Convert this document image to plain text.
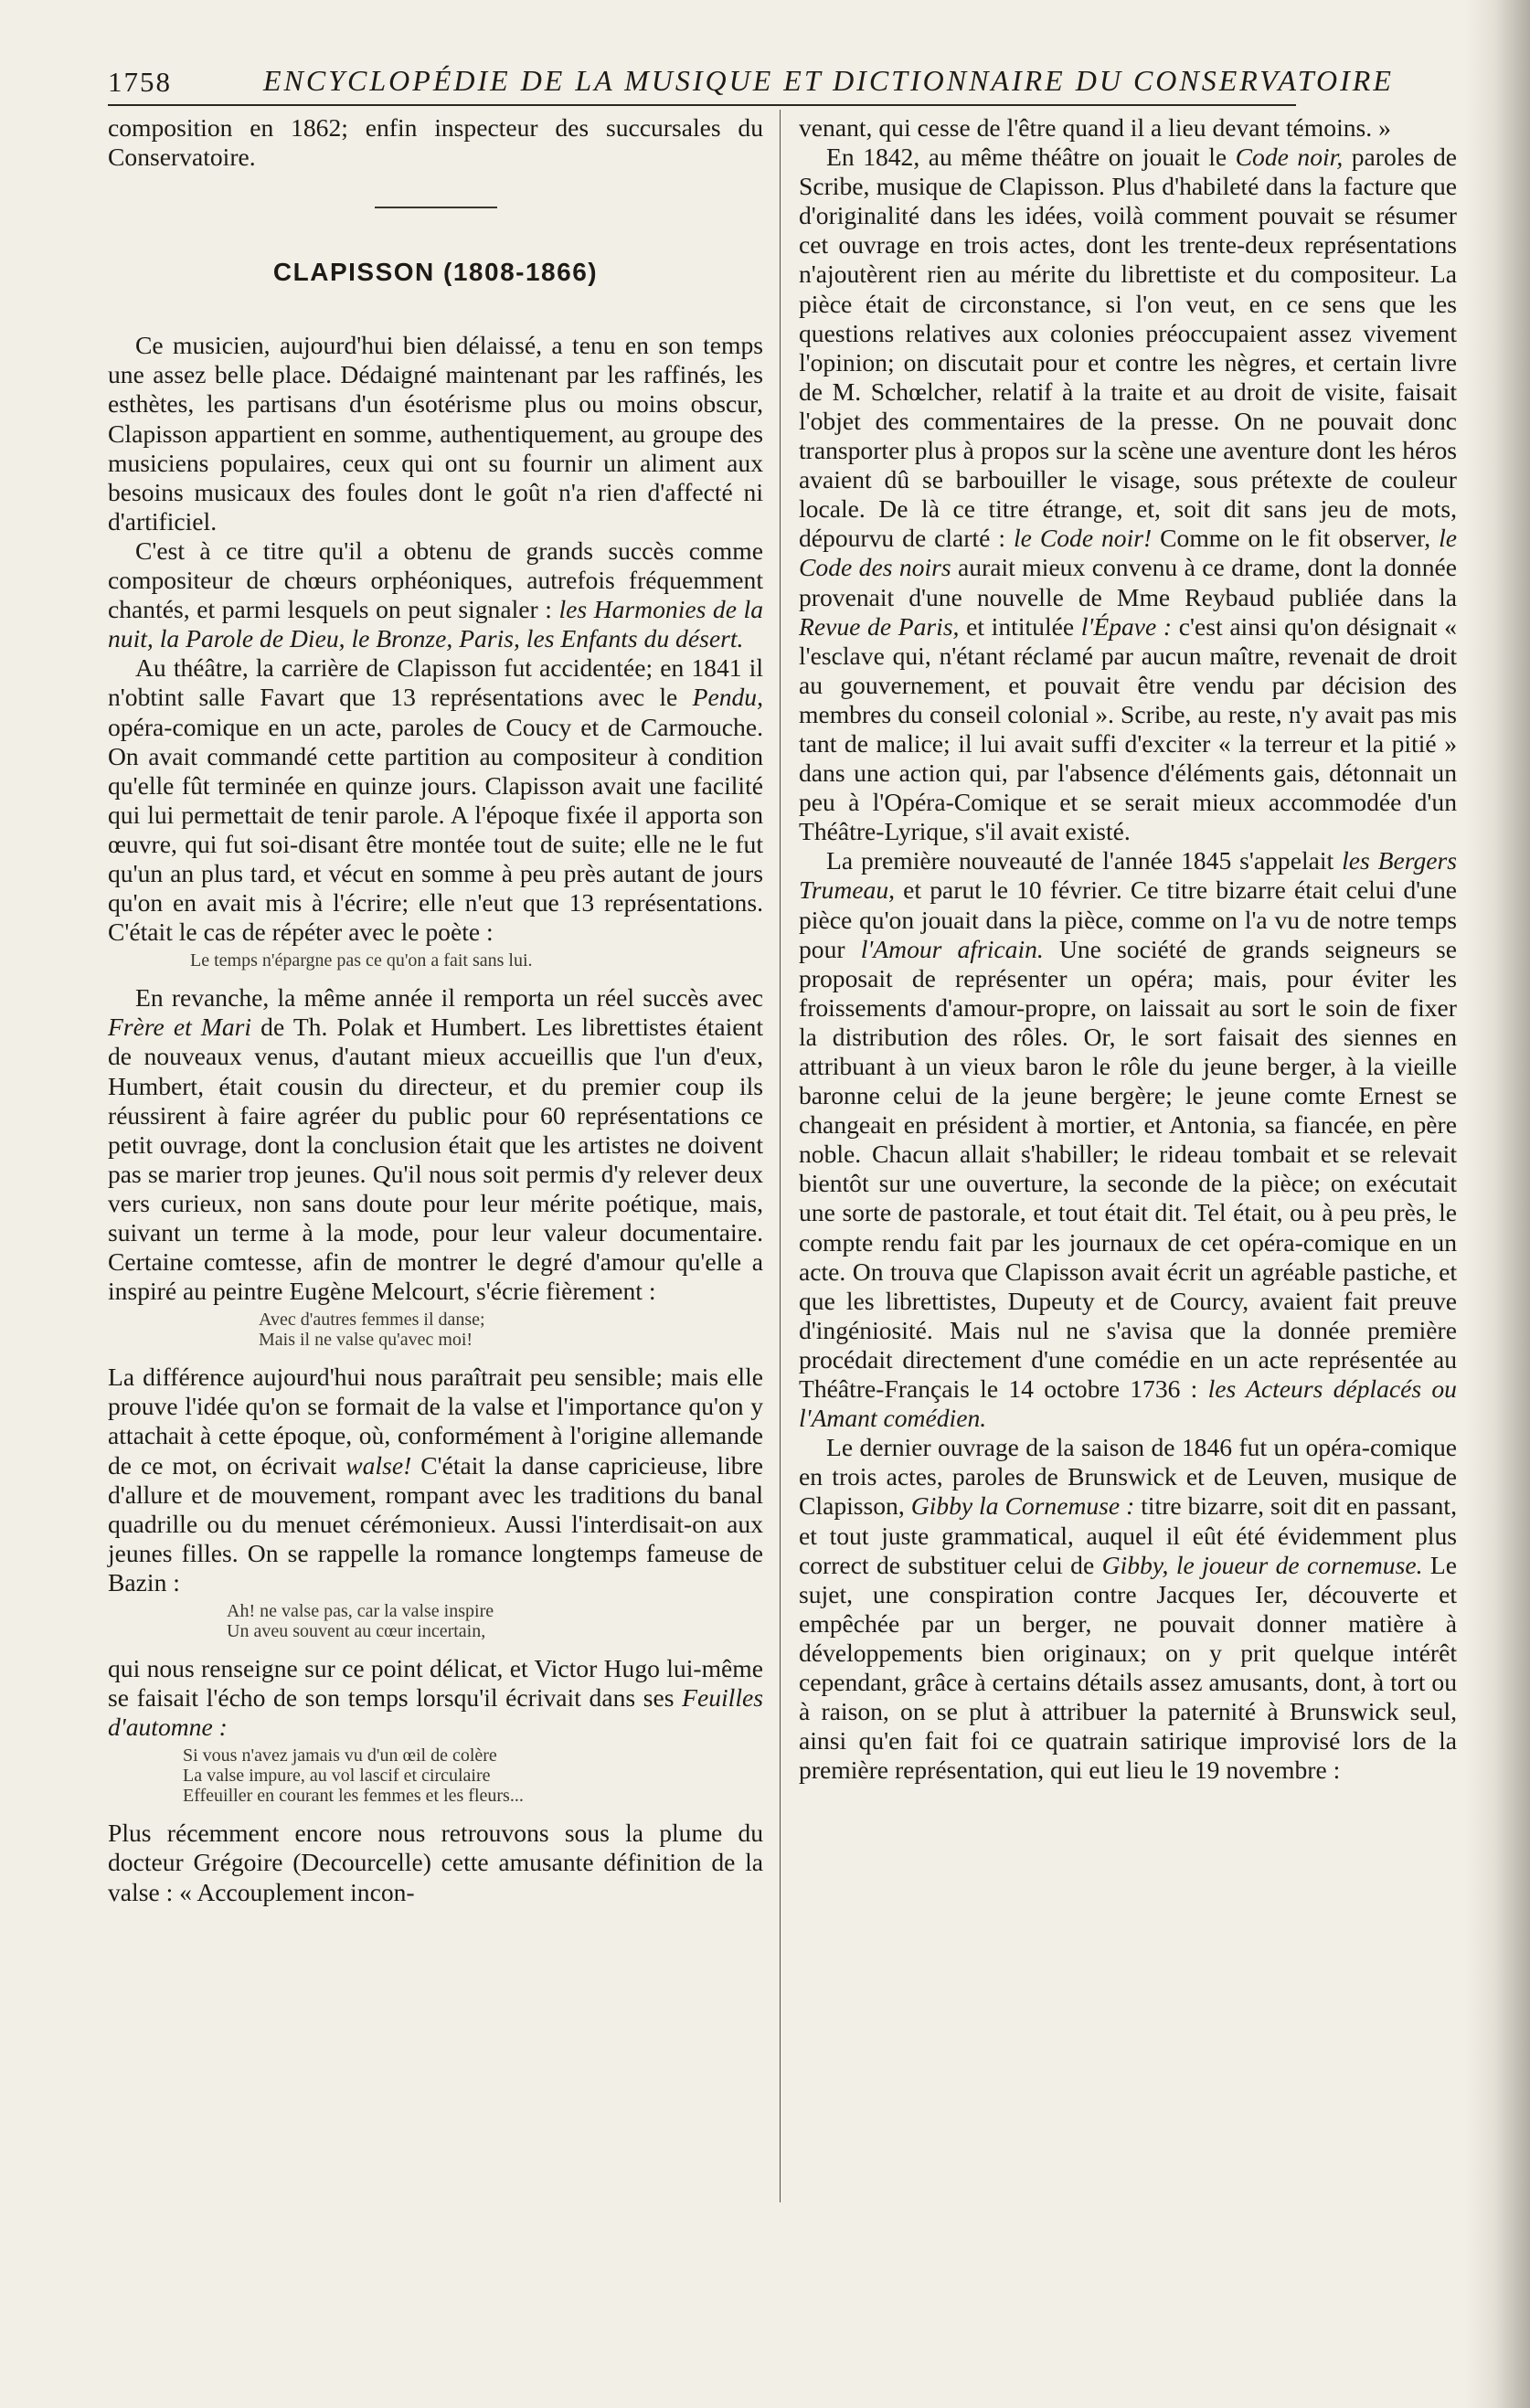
1758	ENCYCLOPÉDIE DE LA MUSIQUE ET DICTIONNAIRE DU CONSERVATOIRE

composition en 1862; enfin inspecteur des succursales du Conservatoire.

CLAPISSON (1808-1866)

Ce musicien, aujourd'hui bien délaissé, a tenu en son temps une assez belle place. Dédaigné maintenant par les raffinés, les esthètes, les partisans d'un ésotérisme plus ou moins obscur, Clapisson appartient en somme, authentiquement, au groupe des musiciens populaires, ceux qui ont su fournir un aliment aux besoins musicaux des foules dont le goût n'a rien d'affecté ni d'artificiel.

C'est à ce titre qu'il a obtenu de grands succès comme compositeur de chœurs orphéoniques, autrefois fréquemment chantés, et parmi lesquels on peut signaler : les Harmonies de la nuit, la Parole de Dieu, le Bronze, Paris, les Enfants du désert.

Au théâtre, la carrière de Clapisson fut accidentée; en 1841 il n'obtint salle Favart que 13 représentations avec le Pendu, opéra-comique en un acte, paroles de Coucy et de Carmouche. On avait commandé cette partition au compositeur à condition qu'elle fût terminée en quinze jours. Clapisson avait une facilité qui lui permettait de tenir parole. A l'époque fixée il apporta son œuvre, qui fut soi-disant être montée tout de suite; elle ne le fut qu'un an plus tard, et vécut en somme à peu près autant de jours qu'on en avait mis à l'écrire; elle n'eut que 13 représentations. C'était le cas de répéter avec le poète :

Le temps n'épargne pas ce qu'on a fait sans lui.

En revanche, la même année il remporta un réel succès avec Frère et Mari de Th. Polak et Humbert. Les librettistes étaient de nouveaux venus, d'autant mieux accueillis que l'un d'eux, Humbert, était cousin du directeur, et du premier coup ils réussirent à faire agréer du public pour 60 représentations ce petit ouvrage, dont la conclusion était que les artistes ne doivent pas se marier trop jeunes. Qu'il nous soit permis d'y relever deux vers curieux, non sans doute pour leur mérite poétique, mais, suivant un terme à la mode, pour leur valeur documentaire. Certaine comtesse, afin de montrer le degré d'amour qu'elle a inspiré au peintre Eugène Melcourt, s'écrie fièrement :

Avec d'autres femmes il danse;
Mais il ne valse qu'avec moi!

La différence aujourd'hui nous paraîtrait peu sensible; mais elle prouve l'idée qu'on se formait de la valse et l'importance qu'on y attachait à cette époque, où, conformément à l'origine allemande de ce mot, on écrivait walse! C'était la danse capricieuse, libre d'allure et de mouvement, rompant avec les traditions du banal quadrille ou du menuet cérémonieux. Aussi l'interdisait-on aux jeunes filles. On se rappelle la romance longtemps fameuse de Bazin :

Ah! ne valse pas, car la valse inspire
Un aveu souvent au cœur incertain,

qui nous renseigne sur ce point délicat, et Victor Hugo lui-même se faisait l'écho de son temps lorsqu'il écrivait dans ses Feuilles d'automne :

Si vous n'avez jamais vu d'un œil de colère
La valse impure, au vol lascif et circulaire
Effeuiller en courant les femmes et les fleurs...

Plus récemment encore nous retrouvons sous la plume du docteur Grégoire (Decourcelle) cette amusante définition de la valse : « Accouplement incon-

venant, qui cesse de l'être quand il a lieu devant témoins. »

En 1842, au même théâtre on jouait le Code noir, paroles de Scribe, musique de Clapisson. Plus d'habileté dans la facture que d'originalité dans les idées, voilà comment pouvait se résumer cet ouvrage en trois actes, dont les trente-deux représentations n'ajoutèrent rien au mérite du librettiste et du compositeur. La pièce était de circonstance, si l'on veut, en ce sens que les questions relatives aux colonies préoccupaient assez vivement l'opinion; on discutait pour et contre les nègres, et certain livre de M. Schœlcher, relatif à la traite et au droit de visite, faisait l'objet des commentaires de la presse. On ne pouvait donc transporter plus à propos sur la scène une aventure dont les héros avaient dû se barbouiller le visage, sous prétexte de couleur locale. De là ce titre étrange, et, soit dit sans jeu de mots, dépourvu de clarté : le Code noir! Comme on le fit observer, le Code des noirs aurait mieux convenu à ce drame, dont la donnée provenait d'une nouvelle de Mme Reybaud publiée dans la Revue de Paris, et intitulée l'Épave : c'est ainsi qu'on désignait « l'esclave qui, n'étant réclamé par aucun maître, revenait de droit au gouvernement, et pouvait être vendu par décision des membres du conseil colonial ». Scribe, au reste, n'y avait pas mis tant de malice; il lui avait suffi d'exciter « la terreur et la pitié » dans une action qui, par l'absence d'éléments gais, détonnait un peu à l'Opéra-Comique et se serait mieux accommodée d'un Théâtre-Lyrique, s'il avait existé.

La première nouveauté de l'année 1845 s'appelait les Bergers Trumeau, et parut le 10 février. Ce titre bizarre était celui d'une pièce qu'on jouait dans la pièce, comme on l'a vu de notre temps pour l'Amour africain. Une société de grands seigneurs se proposait de représenter un opéra; mais, pour éviter les froissements d'amour-propre, on laissait au sort le soin de fixer la distribution des rôles. Or, le sort faisait des siennes en attribuant à un vieux baron le rôle du jeune berger, à la vieille baronne celui de la jeune bergère; le jeune comte Ernest se changeait en président à mortier, et Antonia, sa fiancée, en père noble. Chacun allait s'habiller; le rideau tombait et se relevait bientôt sur une ouverture, la seconde de la pièce; on exécutait une sorte de pastorale, et tout était dit. Tel était, ou à peu près, le compte rendu fait par les journaux de cet opéra-comique en un acte. On trouva que Clapisson avait écrit un agréable pastiche, et que les librettistes, Dupeuty et de Courcy, avaient fait preuve d'ingéniosité. Mais nul ne s'avisa que la donnée première procédait directement d'une comédie en un acte représentée au Théâtre-Français le 14 octobre 1736 : les Acteurs déplacés ou l'Amant comédien.

Le dernier ouvrage de la saison de 1846 fut un opéra-comique en trois actes, paroles de Brunswick et de Leuven, musique de Clapisson, Gibby la Cornemuse : titre bizarre, soit dit en passant, et tout juste grammatical, auquel il eût été évidemment plus correct de substituer celui de Gibby, le joueur de cornemuse. Le sujet, une conspiration contre Jacques Ier, découverte et empêchée par un berger, ne pouvait donner matière à développements bien originaux; on y prit quelque intérêt cependant, grâce à certains détails assez amusants, dont, à tort ou à raison, on se plut à attribuer la paternité à Brunswick seul, ainsi qu'en fait foi ce quatrain satirique improvisé lors de la première représentation, qui eut lieu le 19 novembre :
